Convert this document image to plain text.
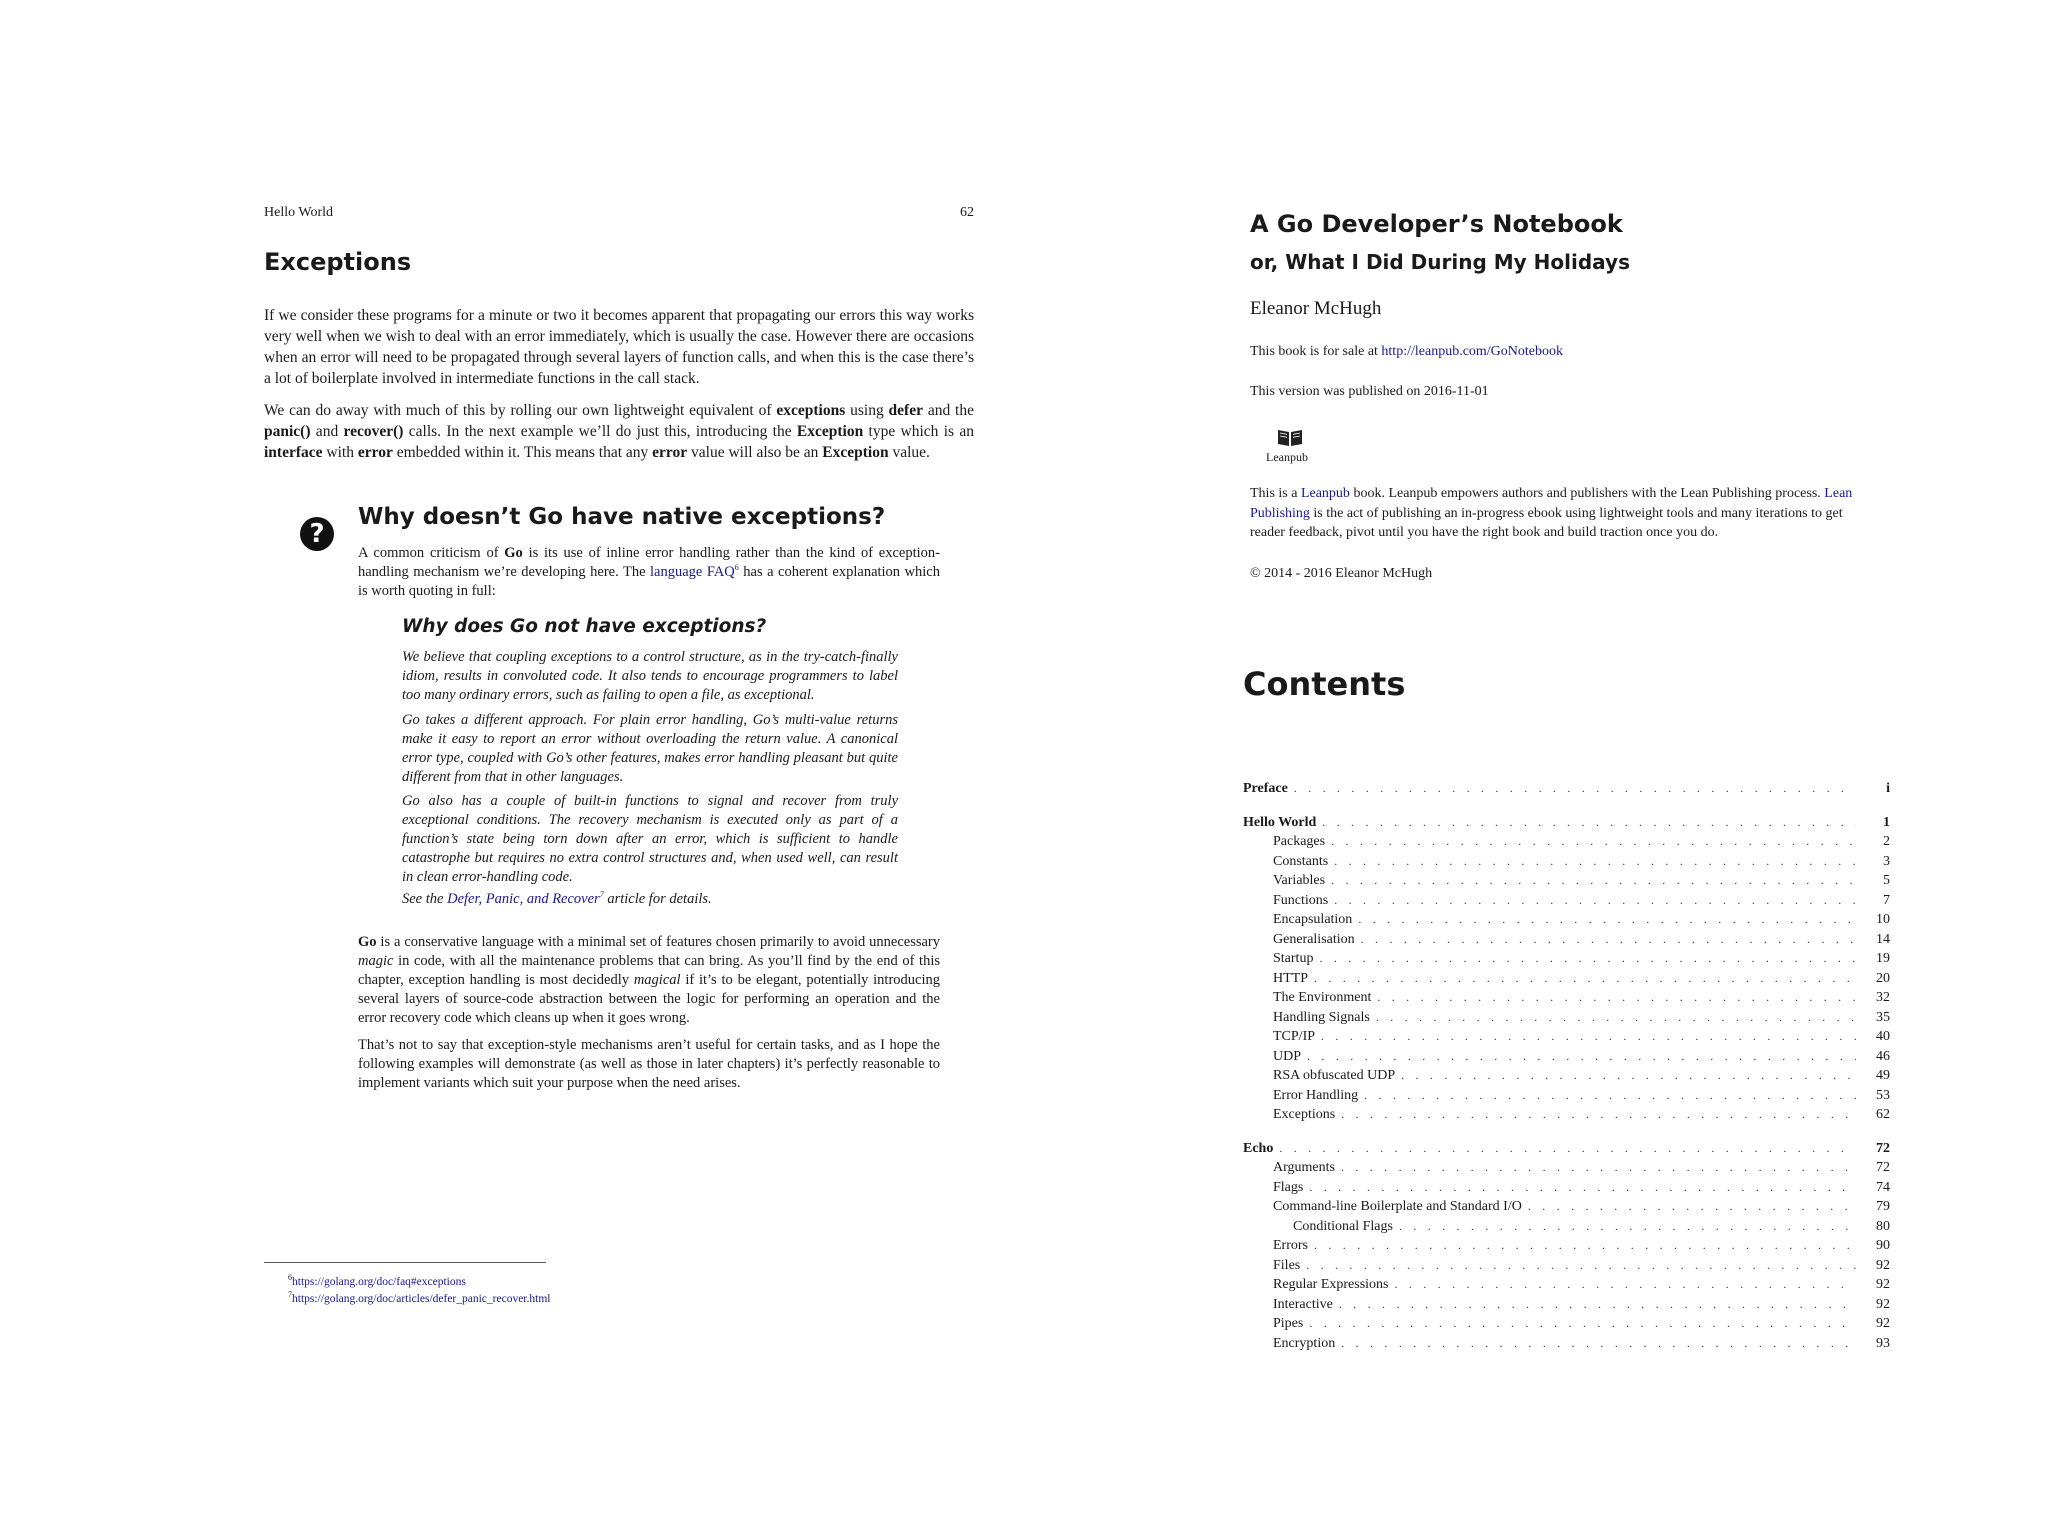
Hello World	62
Exceptions

If we consider these programs for a minute or two it becomes apparent that propagating our errors this way works very well when we wish to deal with an error immediately, which is usually the case. However there are occasions when an error will need to be propagated through several layers of function calls, and when this is the case there’s a lot of boilerplate involved in intermediate functions in the call stack.

We can do away with much of this by rolling our own lightweight equivalent of exceptions using defer and the panic() and recover() calls. In the next example we’ll do just this, introducing the Exception type which is an interface with error embedded within it. This means that any error value will also be an Exception value.

?
Why doesn’t Go have native exceptions?

A common criticism of Go is its use of inline error handling rather than the kind of exception-handling mechanism we’re developing here. The language FAQ$^6$ has a coherent explanation which is worth quoting in full:

Why does Go not have exceptions?

We believe that coupling exceptions to a control structure, as in the try-catch-finally idiom, results in convoluted code. It also tends to encourage programmers to label too many ordinary errors, such as failing to open a file, as exceptional.

Go takes a different approach. For plain error handling, Go’s multi-value returns make it easy to report an error without overloading the return value. A canonical error type, coupled with Go’s other features, makes error handling pleasant but quite different from that in other languages.

Go also has a couple of built-in functions to signal and recover from truly exceptional conditions. The recovery mechanism is executed only as part of a function’s state being torn down after an error, which is sufficient to handle catastrophe but requires no extra control structures and, when used well, can result in clean error-handling code.

See the Defer, Panic, and Recover$^7$ article for details.

Go is a conservative language with a minimal set of features chosen primarily to avoid unnecessary magic in code, with all the maintenance problems that can bring. As you’ll find by the end of this chapter, exception handling is most decidedly magical if it’s to be elegant, potentially introducing several layers of source-code abstraction between the logic for performing an operation and the error recovery code which cleans up when it goes wrong.

That’s not to say that exception-style mechanisms aren’t useful for certain tasks, and as I hope the following examples will demonstrate (as well as those in later chapters) it’s perfectly reasonable to implement variants which suit your purpose when the need arises.

$^6$https://golang.org/doc/faq#exceptions
$^7$https://golang.org/doc/articles/defer_panic_recover.html
A Go Developer’s Notebook
or, What I Did During My Holidays

Eleanor McHugh

This book is for sale at http://leanpub.com/GoNotebook

This version was published on 2016-11-01

Leanpub

This is a Leanpub book. Leanpub empowers authors and publishers with the Lean Publishing process. Lean Publishing is the act of publishing an in-progress ebook using lightweight tools and many iterations to get reader feedback, pivot until you have the right book and build traction once you do.

© 2014 - 2016 Eleanor McHugh

Contents
Preface . . .	i
Hello World . . .	1
Packages . . .	2
Constants . . .	3
Variables . . .	5
Functions . . .	7
Encapsulation . . .	10
Generalisation . . .	14
Startup . . .	19
HTTP . . .	20
The Environment . . .	32
Handling Signals . . .	35
TCP/IP . . .	40
UDP . . .	46
RSA obfuscated UDP . . .	49
Error Handling . . .	53
Exceptions . . .	62
Echo . . .	72
Arguments . . .	72
Flags . . .	74
Command-line Boilerplate and Standard I/O . . .	79
Conditional Flags . . .	80
Errors . . .	90
Files . . .	92
Regular Expressions . . .	92
Interactive . . .	92
Pipes . . .	92
Encryption . . .	93
